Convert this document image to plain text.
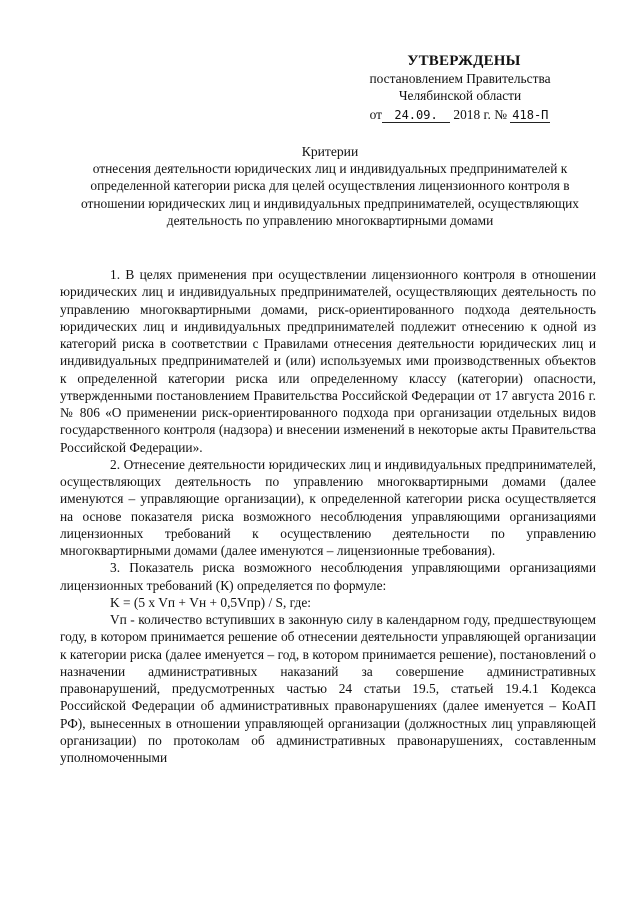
УТВЕРЖДЕНЫ
постановлением Правительства
Челябинской области
от 24.09. 2018 г. № 418-П
Критерии
отнесения деятельности юридических лиц и индивидуальных предпринимателей к определенной категории риска для целей осуществления лицензионного контроля в отношении юридических лиц и индивидуальных предпринимателей, осуществляющих деятельность по управлению многоквартирными домами

1. В целях применения при осуществлении лицензионного контроля в отношении юридических лиц и индивидуальных предпринимателей, осуществляющих деятельность по управлению многоквартирными домами, риск-ориентированного подхода деятельность юридических лиц и индивидуальных предпринимателей подлежит отнесению к одной из категорий риска в соответствии с Правилами отнесения деятельности юридических лиц и индивидуальных предпринимателей и (или) используемых ими производственных объектов к определенной категории риска или определенному классу (категории) опасности, утвержденными постановлением Правительства Российской Федерации от 17 августа 2016 г. № 806 «О применении риск-ориентированного подхода при организации отдельных видов государственного контроля (надзора) и внесении изменений в некоторые акты Правительства Российской Федерации».

2. Отнесение деятельности юридических лиц и индивидуальных предпринимателей, осуществляющих деятельность по управлению многоквартирными домами (далее именуются – управляющие организации), к определенной категории риска осуществляется на основе показателя риска возможного несоблюдения управляющими организациями лицензионных требований к осуществлению деятельности по управлению многоквартирными домами (далее именуются – лицензионные требования).

3. Показатель риска возможного несоблюдения управляющими организациями лицензионных требований (К) определяется по формуле:

K = (5 x Vп + Vн + 0,5Vпр) / S, где:

Vп - количество вступивших в законную силу в календарном году, предшествующем году, в котором принимается решение об отнесении деятельности управляющей организации к категории риска (далее именуется – год, в котором принимается решение), постановлений о назначении административных наказаний за совершение административных правонарушений, предусмотренных частью 24 статьи 19.5, статьей 19.4.1 Кодекса Российской Федерации об административных правонарушениях (далее именуется – КоАП РФ), вынесенных в отношении управляющей организации (должностных лиц управляющей организации) по протоколам об административных правонарушениях, составленным уполномоченными
